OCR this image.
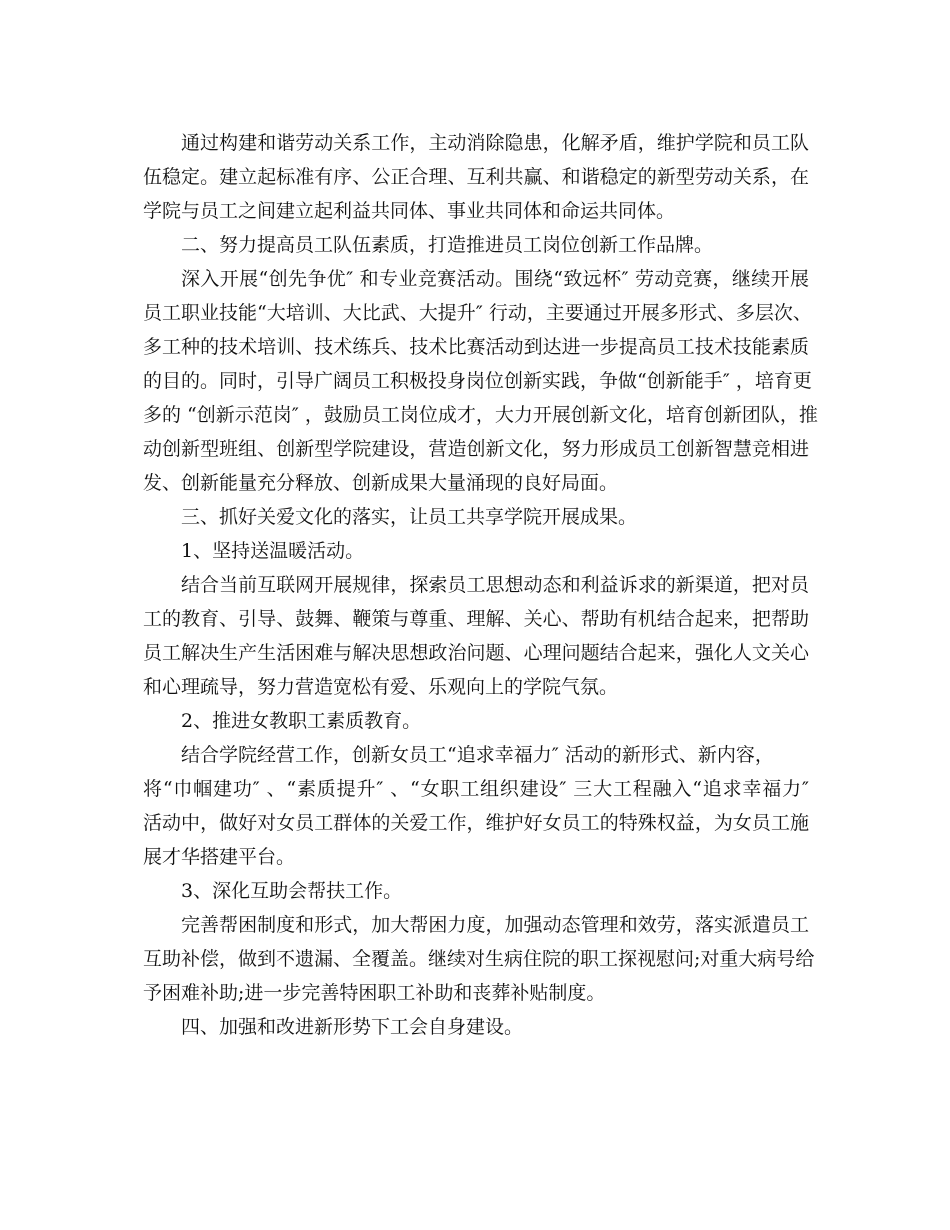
通过构建和谐劳动关系工作，主动消除隐患，化解矛盾，维护学院和员工队
伍稳定。建立起标准有序、公正合理、互利共赢、和谐稳定的新型劳动关系，在
学院与员工之间建立起利益共同体、事业共同体和命运共同体。
二、努力提高员工队伍素质，打造推进员工岗位创新工作品牌。
深入开展“创先争优″ 和专业竞赛活动。围绕“致远杯″ 劳动竞赛，继续开展
员工职业技能“大培训、大比武、大提升″ 行动，主要通过开展多形式、多层次、
多工种的技术培训、技术练兵、技术比赛活动到达进一步提高员工技术技能素质
的目的。同时，引导广阔员工积极投身岗位创新实践，争做“创新能手″ ，培育更
多的 “创新示范岗″ ，鼓励员工岗位成才，大力开展创新文化，培育创新团队，推
动创新型班组、创新型学院建设，营造创新文化，努力形成员工创新智慧竞相进
发、创新能量充分释放、创新成果大量涌现的良好局面。
三、抓好关爱文化的落实，让员工共享学院开展成果。
1、坚持送温暖活动。
结合当前互联网开展规律，探索员工思想动态和利益诉求的新渠道，把对员
工的教育、引导、鼓舞、鞭策与尊重、理解、关心、帮助有机结合起来，把帮助
员工解决生产生活困难与解决思想政治问题、心理问题结合起来，强化人文关心
和心理疏导，努力营造宽松有爱、乐观向上的学院气氛。
2、推进女教职工素质教育。
结合学院经营工作，创新女员工“追求幸福力″ 活动的新形式、新内容，
将“巾帼建功″ 、“素质提升″ 、“女职工组织建设″ 三大工程融入“追求幸福力″
活动中，做好对女员工群体的关爱工作，维护好女员工的特殊权益，为女员工施
展才华搭建平台。
3、深化互助会帮扶工作。
完善帮困制度和形式，加大帮困力度，加强动态管理和效劳，落实派遣员工
互助补偿，做到不遗漏、全覆盖。继续对生病住院的职工探视慰问;对重大病号给
予困难补助;进一步完善特困职工补助和丧葬补贴制度。
四、加强和改进新形势下工会自身建设。
